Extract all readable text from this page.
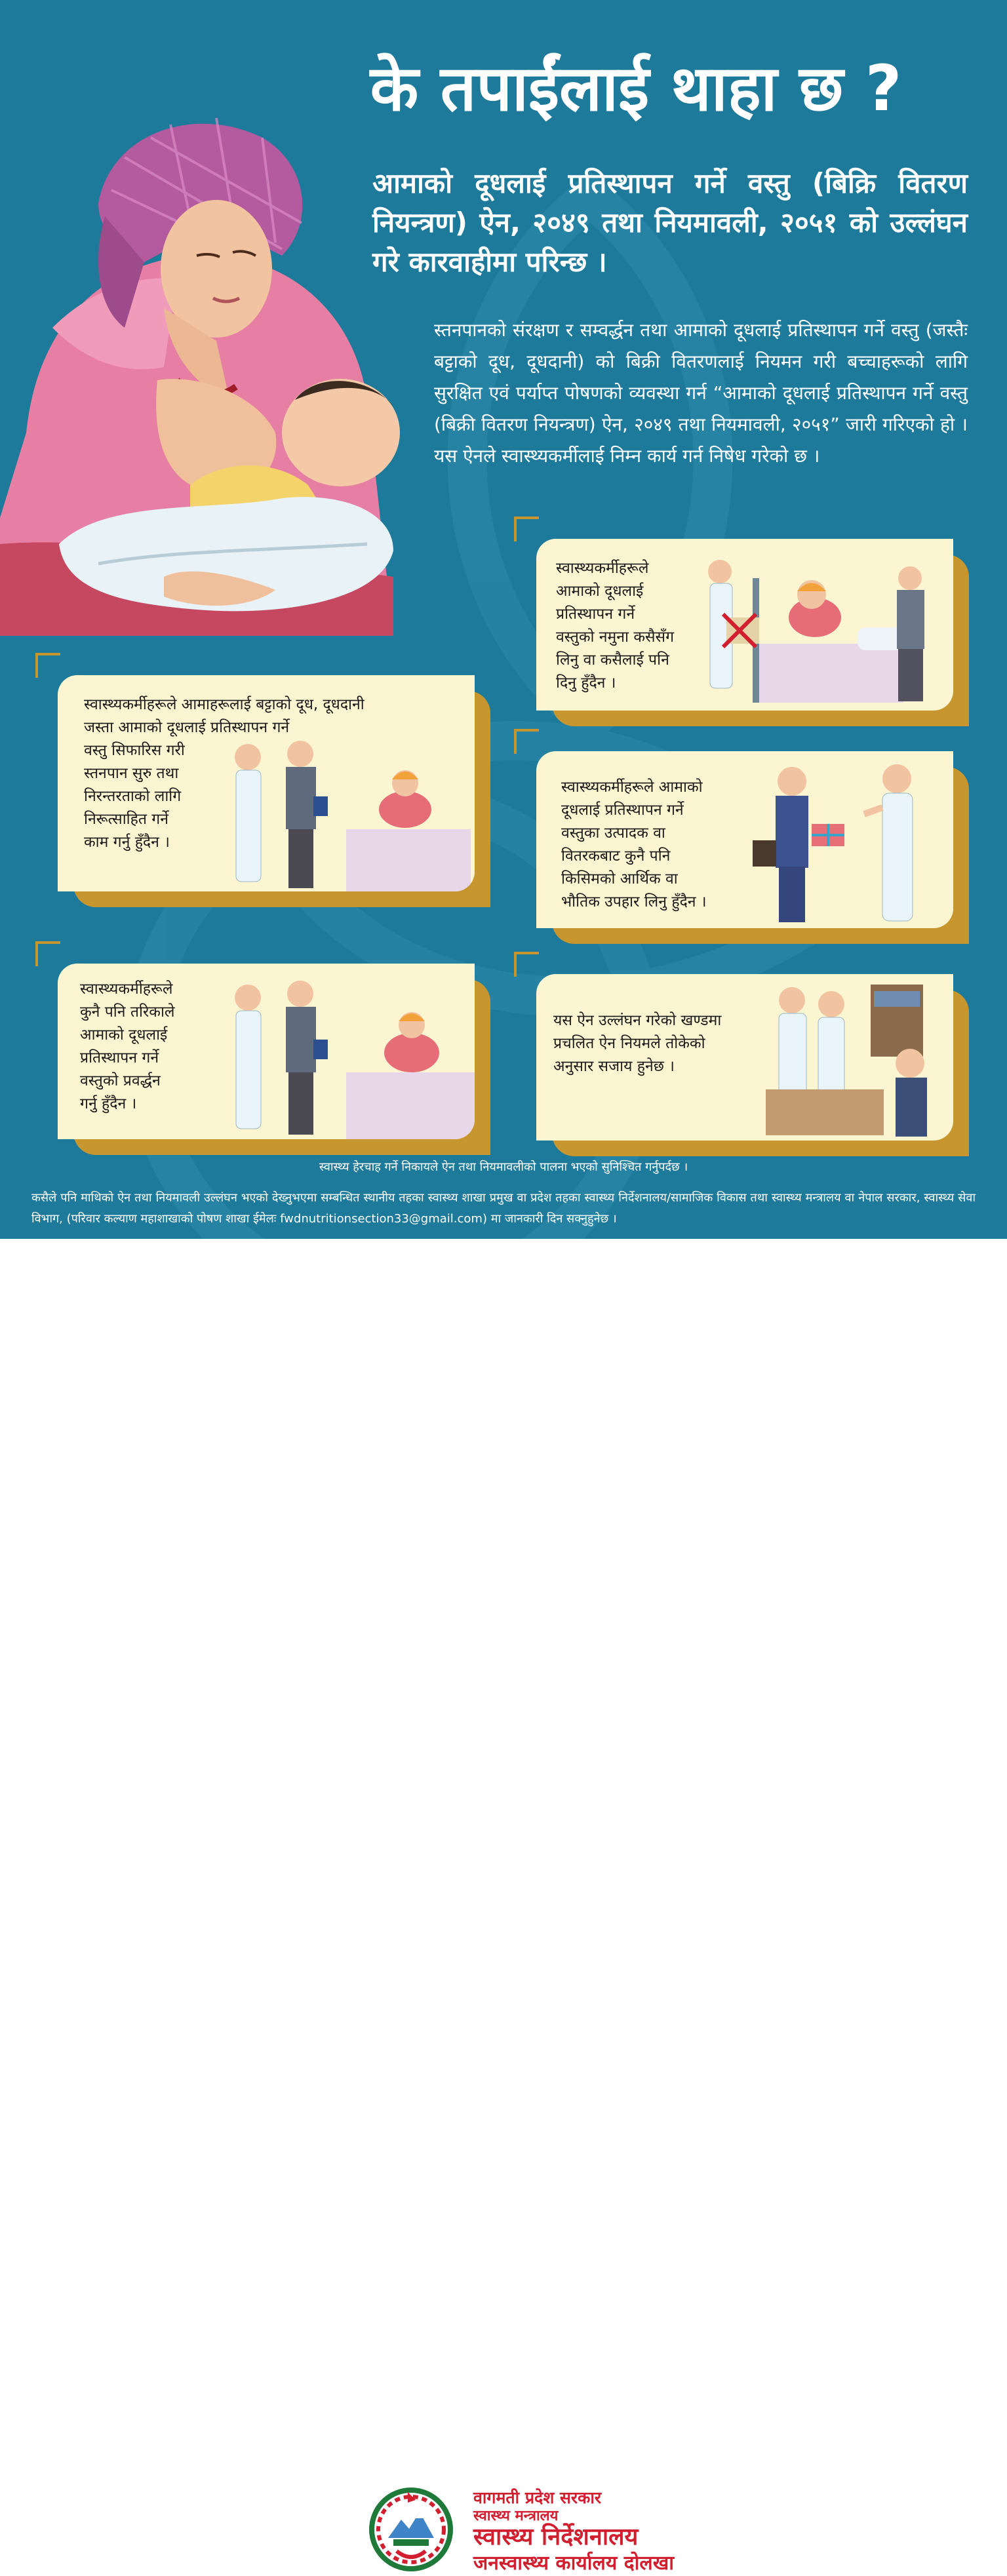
के तपाईंलाई थाहा छ ?
आमाको दूधलाई प्रतिस्थापन गर्ने वस्तु (बिक्रि वितरण नियन्त्रण) ऐन, २०४९ तथा नियमावली, २०५१ को उल्लंघन गरे कारवाहीमा परिन्छ ।
स्तनपानको संरक्षण र सम्वर्द्धन तथा आमाको दूधलाई प्रतिस्थापन गर्ने वस्तु (जस्तैः बट्टाको दूध, दूधदानी) को बिक्री वितरणलाई नियमन गरी बच्चाहरूको लागि सुरक्षित एवं पर्याप्त पोषणको व्यवस्था गर्न “आमाको दूधलाई प्रतिस्थापन गर्ने वस्तु (बिक्री वितरण नियन्त्रण) ऐन, २०४९ तथा नियमावली, २०५१” जारी गरिएको हो । यस ऐनले स्वास्थ्यकर्मीलाई निम्न कार्य गर्न निषेध गरेको छ ।
स्वास्थ्यकर्मीहरूले
आमाको दूधलाई
प्रतिस्थापन गर्ने
वस्तुको नमुना कसैसँग
लिनु वा कसैलाई पनि
दिनु हुँदैन ।
स्वास्थ्यकर्मीहरूले आमाहरूलाई बट्टाको दूध, दूधदानी
जस्ता आमाको दूधलाई प्रतिस्थापन गर्ने
वस्तु सिफारिस गरी
स्तनपान सुरु तथा
निरन्तरताको लागि
निरूत्साहित गर्ने
काम गर्नु हुँदैन ।
स्वास्थ्यकर्मीहरूले आमाको
दूधलाई प्रतिस्थापन गर्ने
वस्तुका उत्पादक वा
वितरकबाट कुनै पनि
किसिमको आर्थिक वा
भौतिक उपहार लिनु हुँदैन ।
स्वास्थ्यकर्मीहरूले
कुनै पनि तरिकाले
आमाको दूधलाई
प्रतिस्थापन गर्ने
वस्तुको प्रवर्द्धन
गर्नु हुँदैन ।
यस ऐन उल्लंघन गरेको खण्डमा
प्रचलित ऐन नियमले तोकेको
अनुसार सजाय हुनेछ ।
स्वास्थ्य हेरचाह गर्ने निकायले ऐन तथा नियमावलीको पालना भएको सुनिश्चित गर्नुपर्दछ ।
कसैले पनि माथिको ऐन तथा नियमावली उल्लंघन भएको देख्नुभएमा सम्बन्धित स्थानीय तहका स्वास्थ्य शाखा प्रमुख वा प्रदेश तहका स्वास्थ्य निर्देशनालय/सामाजिक विकास तथा स्वास्थ्य मन्त्रालय वा नेपाल सरकार, स्वास्थ्य सेवा विभाग, (परिवार कल्याण महाशाखाको पोषण शाखा ईमेलः fwdnutritionsection33@gmail.com) मा जानकारी दिन सक्नुहुनेछ ।
वागमती प्रदेश सरकार
स्वास्थ्य मन्त्रालय
स्वास्थ्य निर्देशनालय
जनस्वास्थ्य कार्यालय दोलखा
